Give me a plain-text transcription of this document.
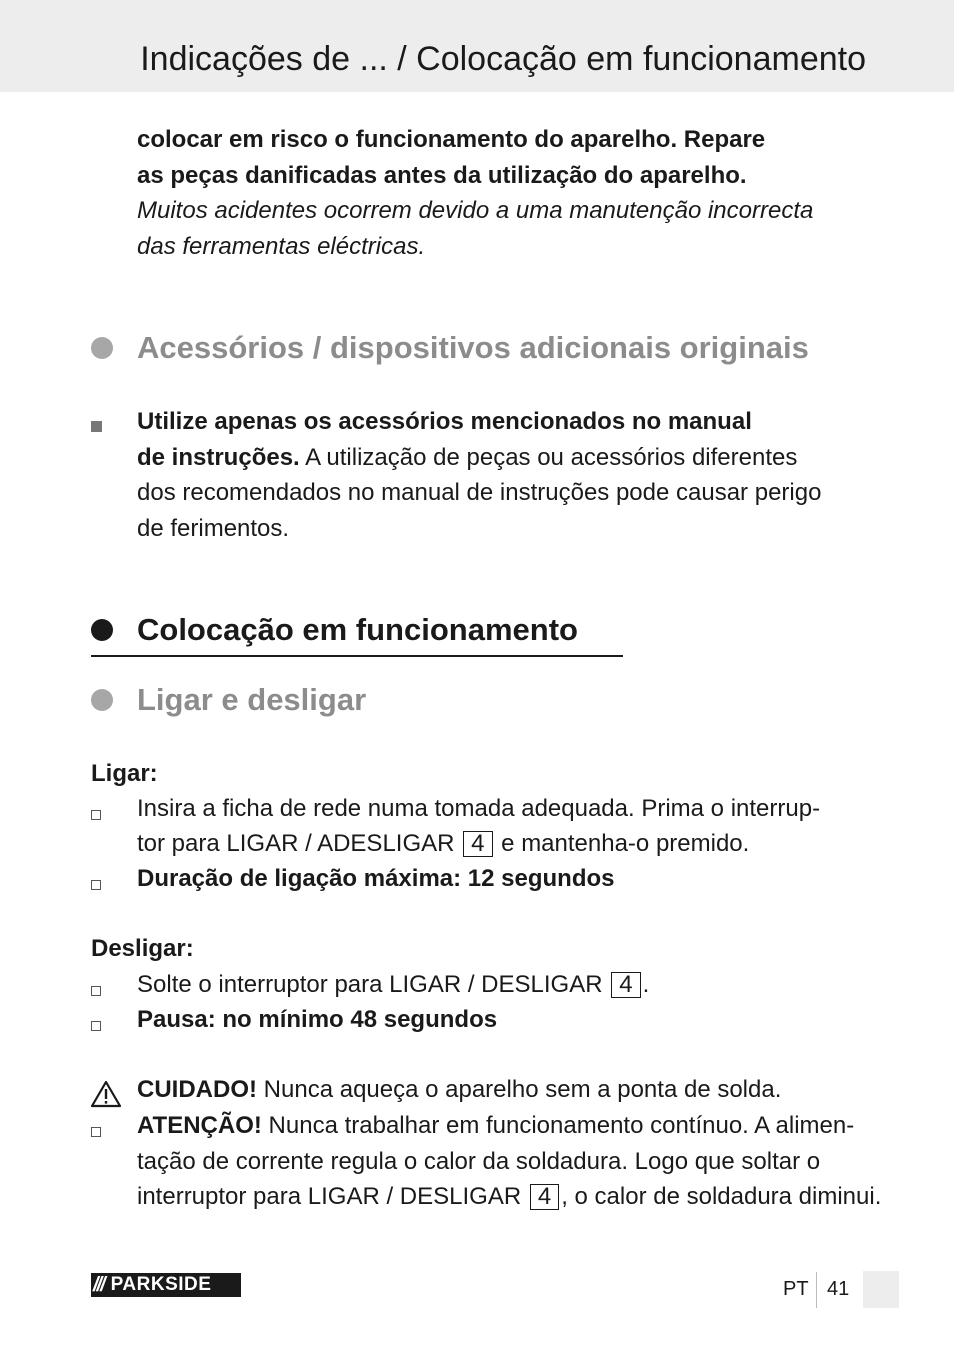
Indicações de ... / Colocação em funcionamento
colocar em risco o funcionamento do aparelho. Repare
as peças danificadas antes da utilização do aparelho.
Muitos acidentes ocorrem devido a uma manutenção incorrecta
das ferramentas eléctricas.
Acessórios / dispositivos adicionais originais
Utilize apenas os acessórios mencionados no manual
de instruções. A utilização de peças ou acessórios diferentes
dos recomendados no manual de instruções pode causar perigo
de ferimentos.
Colocação em funcionamento
Ligar e desligar
Ligar:
Insira a ficha de rede numa tomada adequada. Prima o interrup-
tor para LIGAR / ADESLIGAR 4 e mantenha-o premido.
Duração de ligação máxima: 12 segundos
Desligar:
Solte o interruptor para LIGAR / DESLIGAR 4 .
Pausa: no mínimo 48 segundos
CUIDADO! Nunca aqueça o aparelho sem a ponta de solda.
ATENÇÃO! Nunca trabalhar em funcionamento contínuo. A alimen-
tação de corrente regula o calor da soldadura. Logo que soltar o
interruptor para LIGAR / DESLIGAR 4 , o calor de soldadura diminui.
/// PARKSIDE	PT 41
